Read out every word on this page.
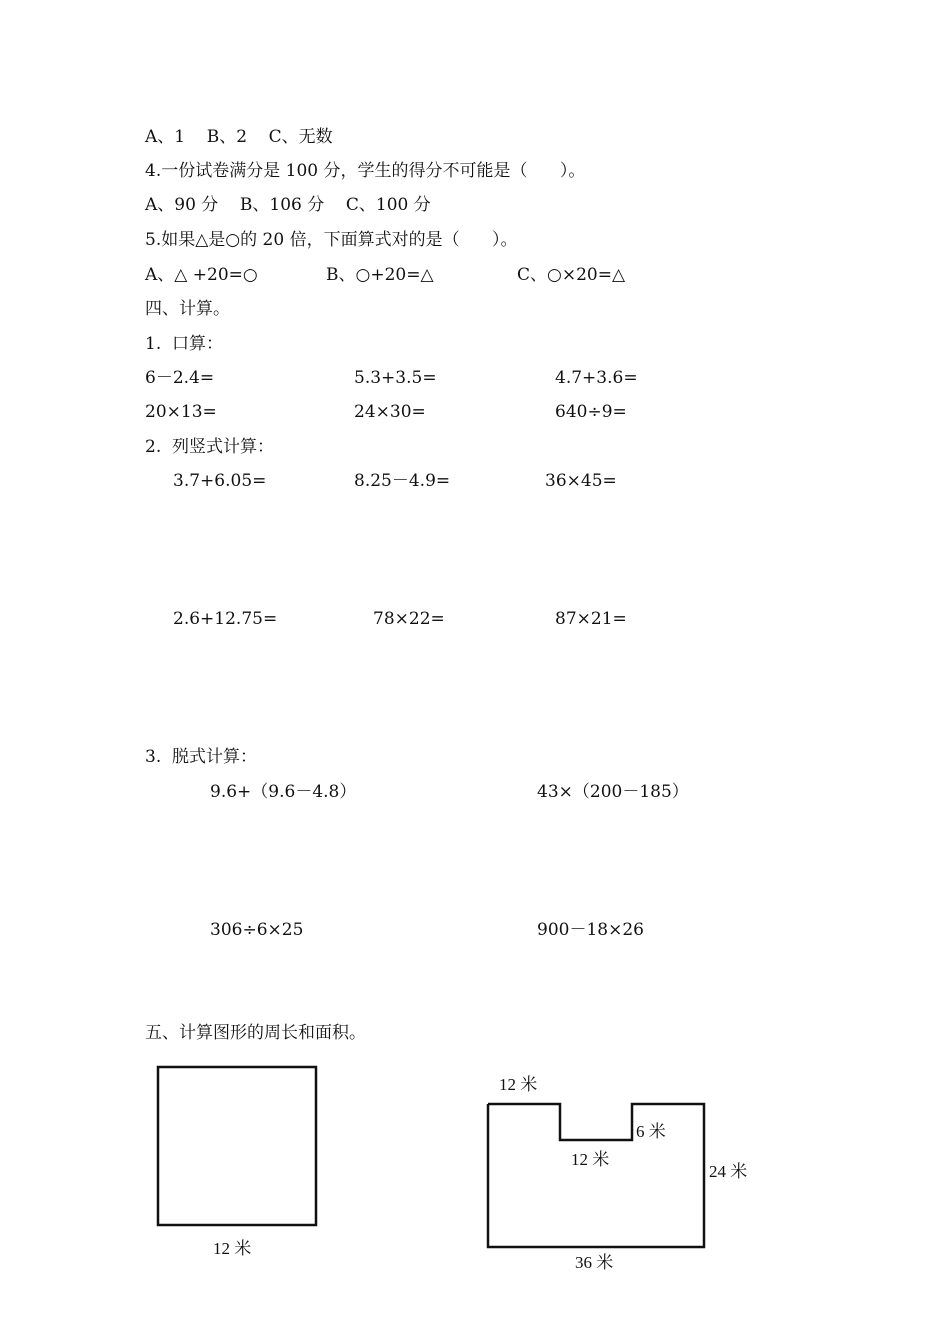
A、1    B、2    C、无数
4.一份试卷满分是 100 分，学生的得分不可能是（      ）。
A、90 分    B、106 分    C、100 分
5.如果△是○的 20 倍，下面算式对的是（      ）。
A、△ +20=○	B、○+20=△	C、○×20=△
四、计算。
1.  口算：
6－2.4=	5.3+3.5=	4.7+3.6=
20×13=	24×30=	640÷9=
2.  列竖式计算：
3.7+6.05=	8.25－4.9=	36×45=
2.6+12.75=	78×22=	87×21=
3.  脱式计算：
9.6+（9.6－4.8）	43×（200－185）
306÷6×25	900－18×26
五、计算图形的周长和面积。
12 米
12 米
6 米
12 米
24 米
36 米
